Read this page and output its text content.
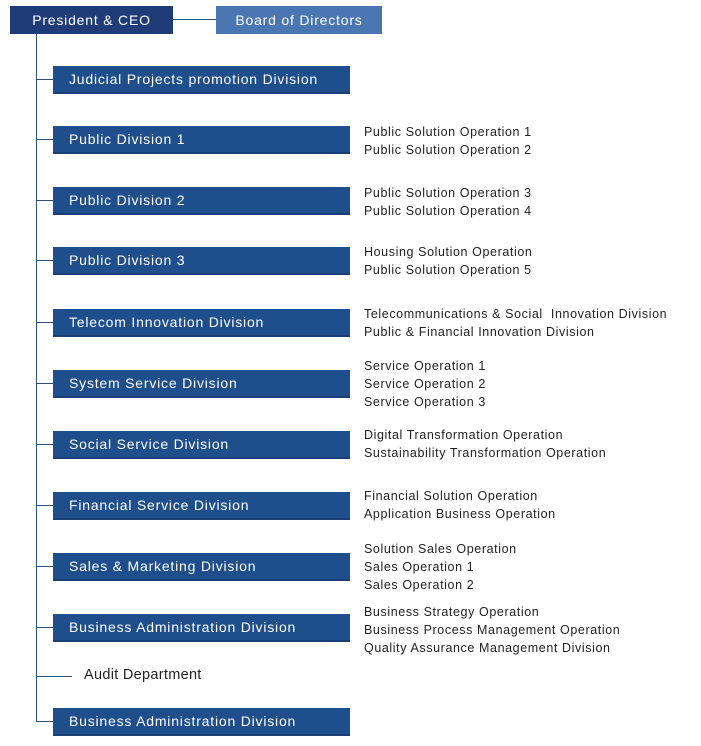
President & CEO	Board of Directors
Judicial Projects promotion Division
Public Division 1	Public Solution Operation 1
Public Solution Operation 2
Public Division 2	Public Solution Operation 3
Public Solution Operation 4
Public Division 3	Housing Solution Operation
Public Solution Operation 5
Telecom Innovation Division	Telecommunications & Social  Innovation Division
Public & Financial Innovation Division
System Service Division
Service Operation 1
Service Operation 2
Service Operation 3
Social Service Division
Digital Transformation Operation
Sustainability Transformation Operation
Financial Service Division
Financial Solution Operation
Application Business Operation
Sales & Marketing Division
Solution Sales Operation
Sales Operation 1
Sales Operation 2
Business Administration Division
Business Strategy Operation
Business Process Management Operation
Quality Assurance Management Division
Audit Department
Business Administration Division
